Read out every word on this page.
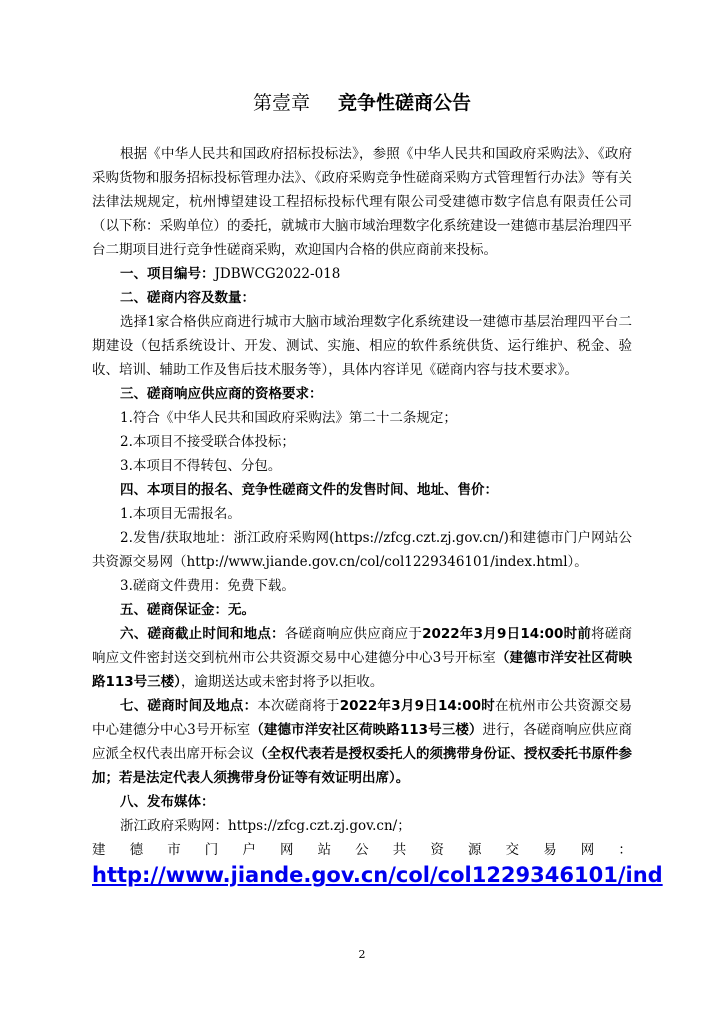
第壹章 竞争性磋商公告

根据《中华人民共和国政府招标投标法》，参照《中华人民共和国政府采购法》、《政府采购货物和服务招标投标管理办法》、《政府采购竞争性磋商采购方式管理暂行办法》等有关法律法规规定，杭州博望建设工程招标投标代理有限公司受建德市数字信息有限责任公司（以下称：采购单位）的委托，就城市大脑市域治理数字化系统建设一建德市基层治理四平台二期项目进行竞争性磋商采购，欢迎国内合格的供应商前来投标。

一、项目编号：JDBWCG2022-018

二、磋商内容及数量：

选择1家合格供应商进行城市大脑市域治理数字化系统建设一建德市基层治理四平台二期建设（包括系统设计、开发、测试、实施、相应的软件系统供货、运行维护、税金、验收、培训、辅助工作及售后技术服务等），具体内容详见《磋商内容与技术要求》。

三、磋商响应供应商的资格要求：

1.符合《中华人民共和国政府采购法》第二十二条规定；

2.本项目不接受联合体投标；

3.本项目不得转包、分包。

四、本项目的报名、竞争性磋商文件的发售时间、地址、售价：

1.本项目无需报名。

2.发售/获取地址：浙江政府采购网(https://zfcg.czt.zj.gov.cn/)和建德市门户网站公共资源交易网（http://www.jiande.gov.cn/col/col1229346101/index.html）。

3.磋商文件费用：免费下载。

五、磋商保证金：无。

六、磋商截止时间和地点：各磋商响应供应商应于2022年3月9日14:00时前将磋商响应文件密封送交到杭州市公共资源交易中心建德分中心3号开标室（建德市洋安社区荷映路113号三楼），逾期送达或未密封将予以拒收。

七、磋商时间及地点：本次磋商将于2022年3月9日14:00时在杭州市公共资源交易中心建德分中心3号开标室（建德市洋安社区荷映路113号三楼）进行，各磋商响应供应商应派全权代表出席开标会议（全权代表若是授权委托人的须携带身份证、授权委托书原件参加；若是法定代表人须携带身份证等有效证明出席）。

八、发布媒体：

浙江政府采购网：https://zfcg.czt.zj.gov.cn/；

建 德 市 门 户 网 站 公 共 资 源 交 易 网 ：
http://www.jiande.gov.cn/col/col1229346101/ind
2
